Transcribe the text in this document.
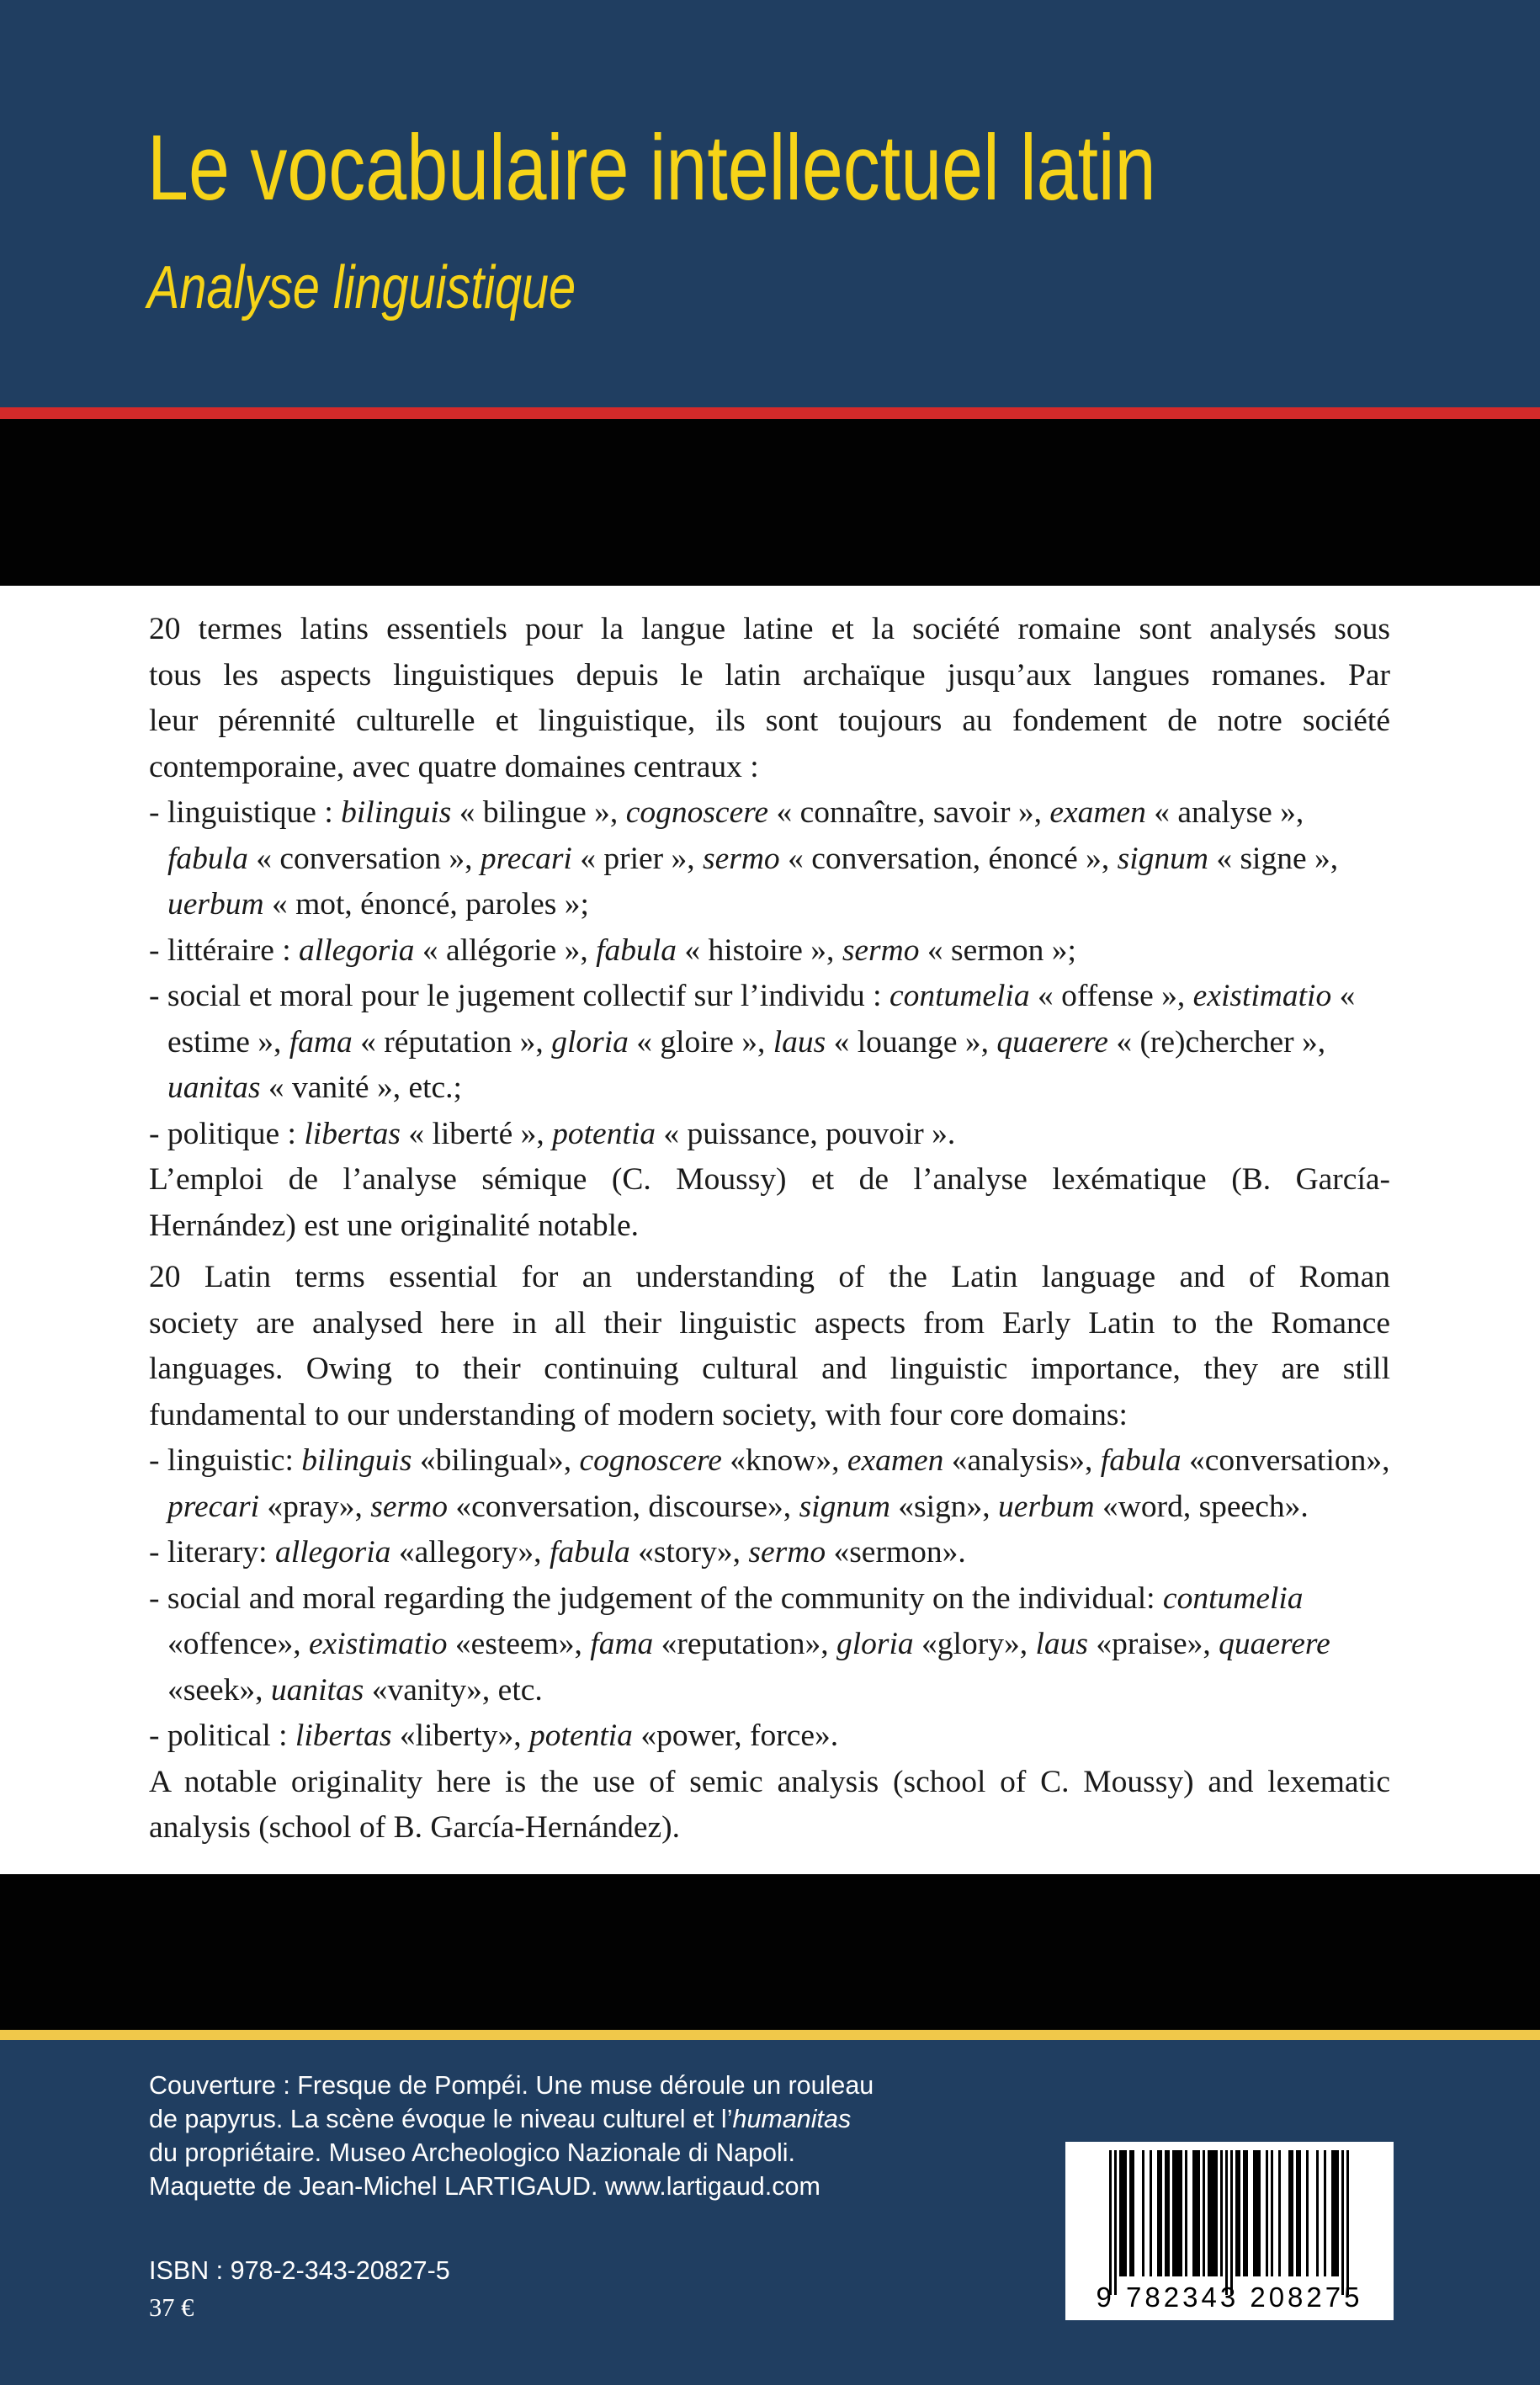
Le vocabulaire intellectuel latin
Analyse linguistique

20 termes latins essentiels pour la langue latine et la société romaine sont analysés sous

tous les aspects linguistiques depuis le latin archaïque jusqu’aux langues romanes. Par

leur pérennité culturelle et linguistique, ils sont toujours au fondement de notre société

contemporaine, avec quatre domaines centraux :

- linguistique : bilinguis « bilingue », cognoscere « connaître, savoir », examen « analyse », fabula « conversation », precari « prier », sermo « conversation, énoncé », signum « signe », uerbum « mot, énoncé, paroles »;

- littéraire : allegoria « allégorie », fabula « histoire », sermo « sermon »;

- social et moral pour le jugement collectif sur l’individu : contumelia « offense », existimatio « estime », fama « réputation », gloria « gloire », laus « louange », quaerere « (re)chercher », uanitas « vanité », etc.;

- politique : libertas « liberté », potentia « puissance, pouvoir ».

L’emploi de l’analyse sémique (C. Moussy) et de l’analyse lexématique (B. García-

Hernández) est une originalité notable.

20 Latin terms essential for an understanding of the Latin language and of Roman

society are analysed here in all their linguistic aspects from Early Latin to the Romance

languages. Owing to their continuing cultural and linguistic importance, they are still

fundamental to our understanding of modern society, with four core domains:

- linguistic: bilinguis «bilingual», cognoscere «know», examen «analysis», fabula «conversation», precari «pray», sermo «conversation, discourse», signum «sign», uerbum «word, speech».

- literary: allegoria «allegory», fabula «story», sermo «sermon».

- social and moral regarding the judgement of the community on the individual: contumelia «offence», existimatio «esteem», fama «reputation», gloria «glory», laus «praise», quaerere «seek», uanitas «vanity», etc.

- political : libertas «liberty», potentia «power, force».

A notable originality here is the use of semic analysis (school of C. Moussy) and lexematic

analysis (school of B. García-Hernández).

Couverture : Fresque de Pompéi. Une muse déroule un rouleau

de papyrus. La scène évoque le niveau culturel et l’humanitas

du propriétaire. Museo Archeologico Nazionale di Napoli.

Maquette de Jean-Michel LARTIGAUD. www.lartigaud.com

ISBN : 978-2-343-20827-5

37 €	9 782343 208275
